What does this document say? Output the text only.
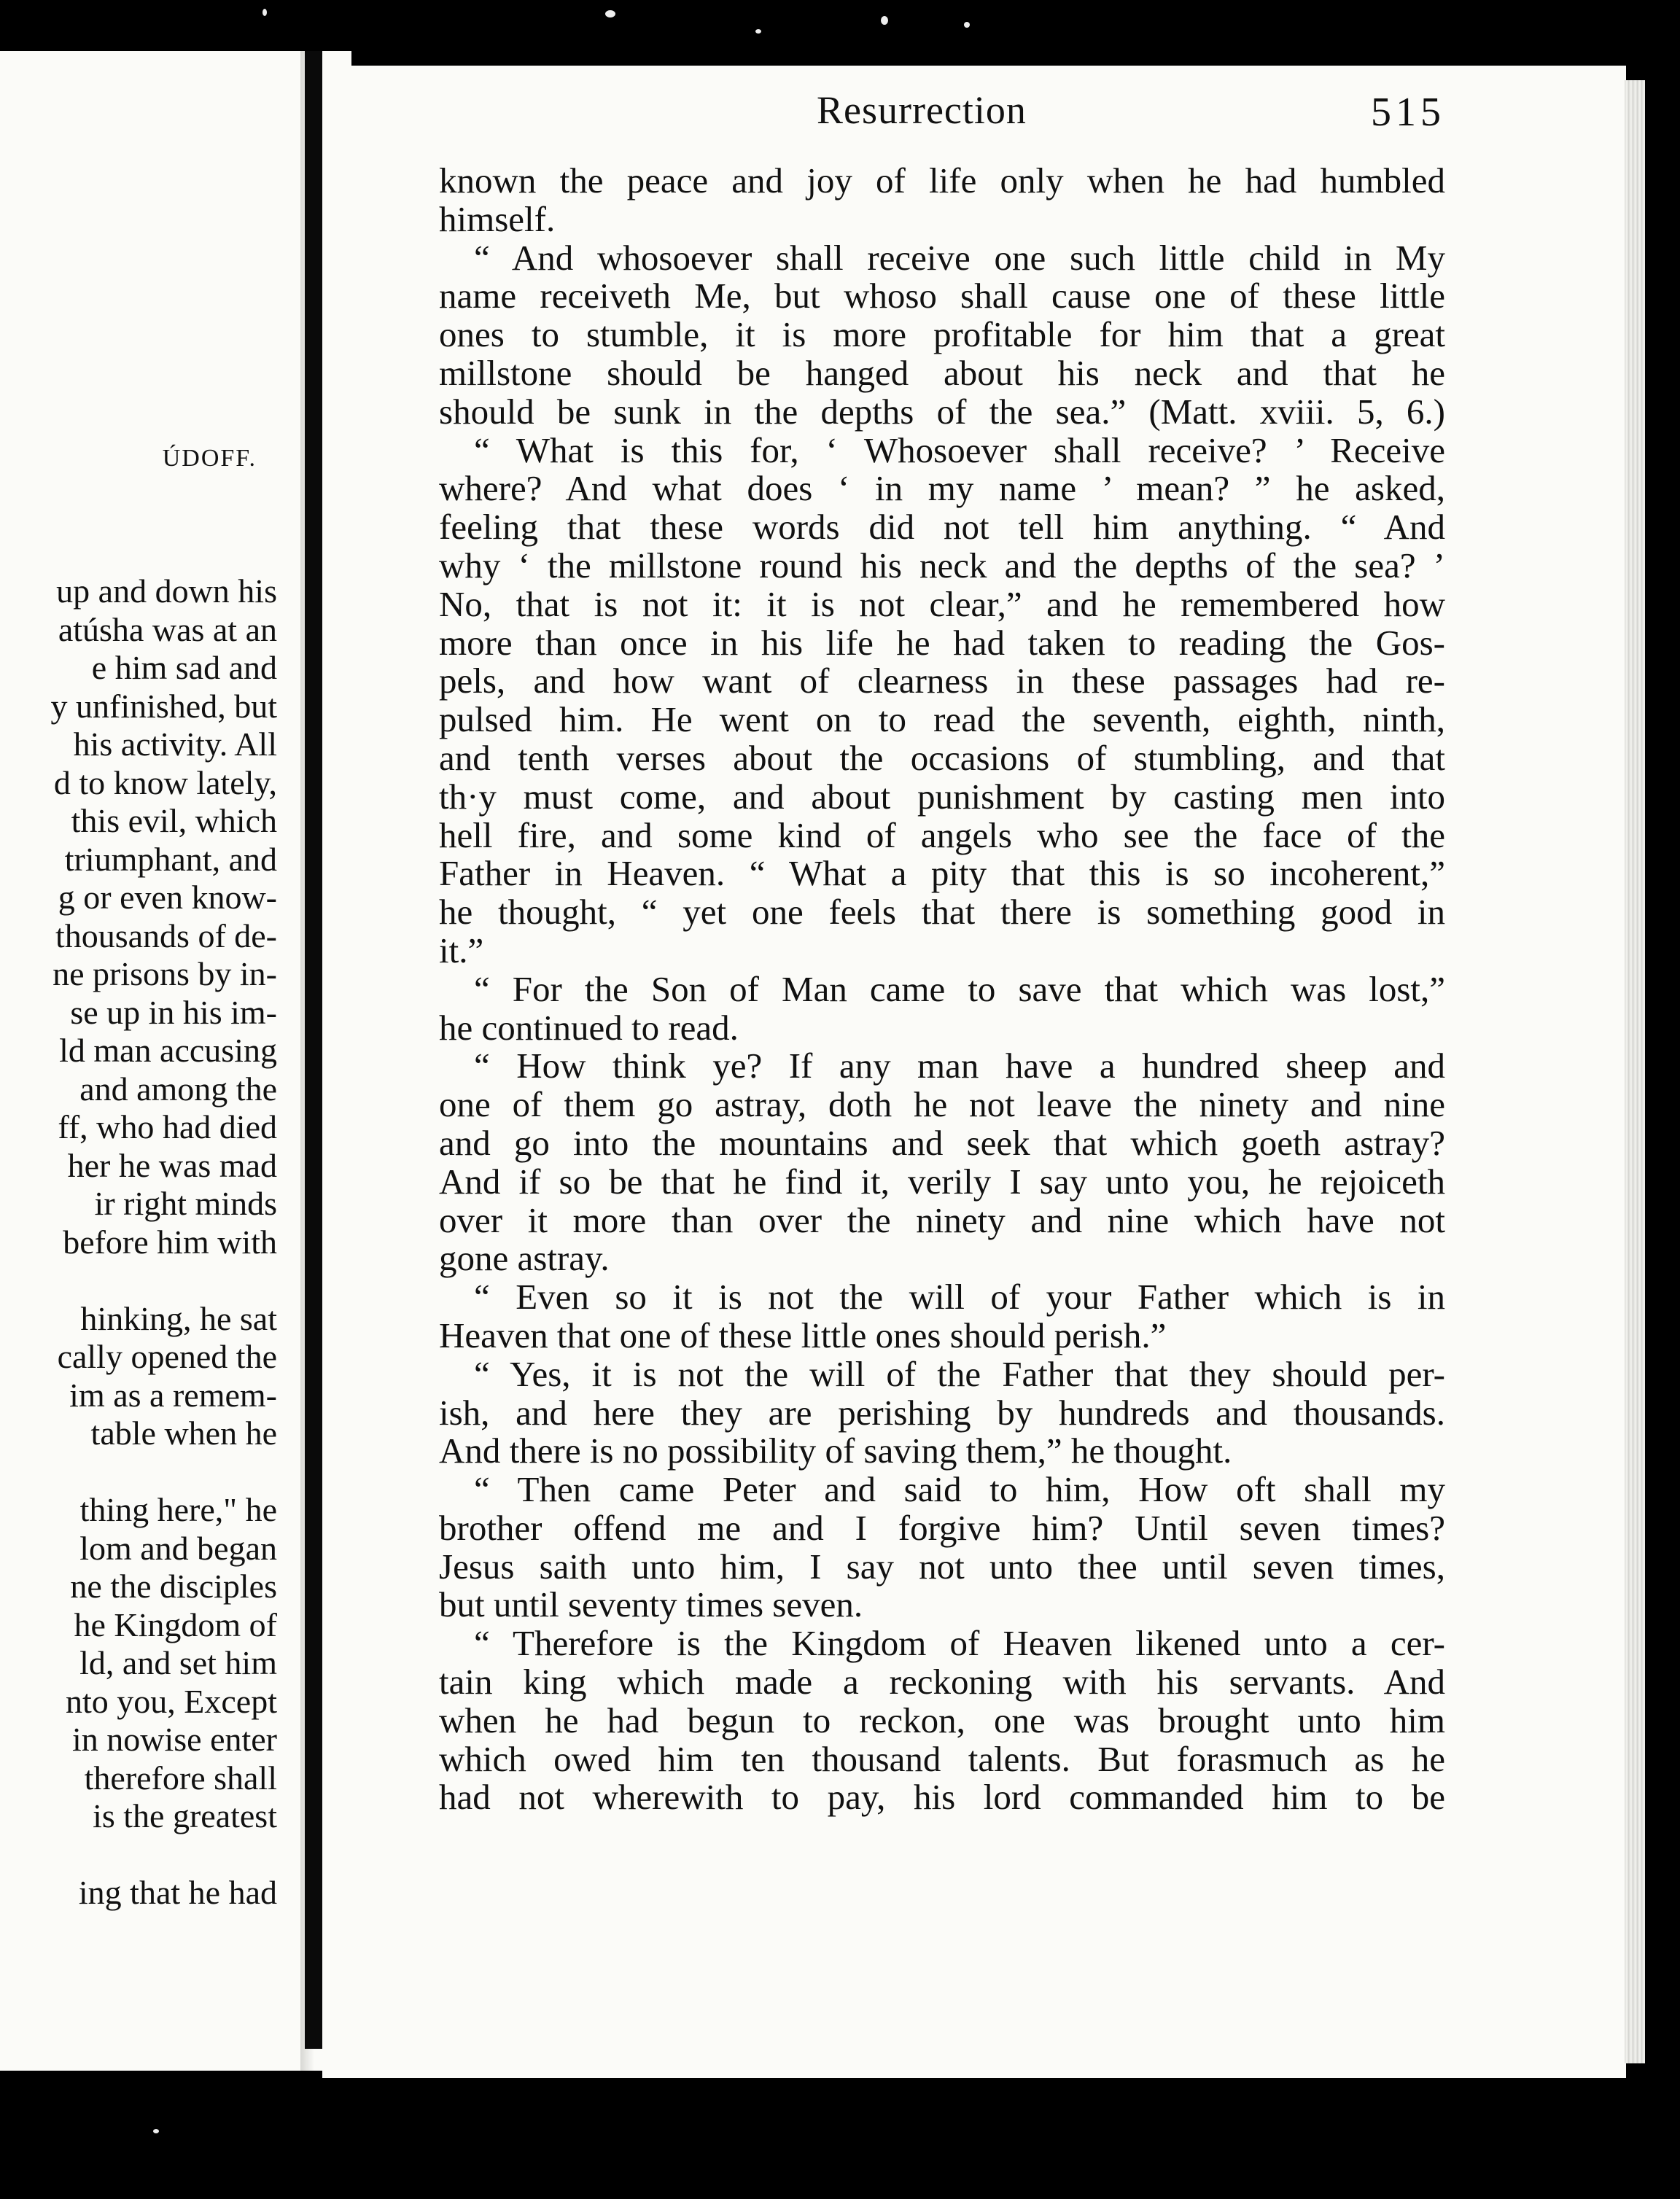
ÚDOFF.
up and down his
atúsha was at an
e him sad and
y unfinished, but
his activity. All
d to know lately,
this evil, which
triumphant, and
g or even know-
thousands of de-
ne prisons by in-
se up in his im-
ld man accusing
and among the
ff, who had died
her he was mad
ir right minds
before him with
hinking, he sat
cally opened the
im as a remem-
table when he
thing here," he
lom and began
ne the disciples
he Kingdom of
ld, and set him
nto you, Except
in nowise enter
therefore shall
is the greatest
ing that he had
Resurrection	515
known the peace and joy of life only when he had humbled
himself.
“ And whosoever shall receive one such little child in My
name receiveth Me, but whoso shall cause one of these little
ones to stumble, it is more profitable for him that a great
millstone should be hanged about his neck and that he
should be sunk in the depths of the sea.” (Matt. xviii. 5, 6.)
“ What is this for, ‘ Whosoever shall receive? ’ Receive
where? And what does ‘ in my name ’ mean? ” he asked,
feeling that these words did not tell him anything. “ And
why ‘ the millstone round his neck and the depths of the sea? ’
No, that is not it: it is not clear,” and he remembered how
more than once in his life he had taken to reading the Gos-
pels, and how want of clearness in these passages had re-
pulsed him. He went on to read the seventh, eighth, ninth,
and tenth verses about the occasions of stumbling, and that
th·y must come, and about punishment by casting men into
hell fire, and some kind of angels who see the face of the
Father in Heaven. “ What a pity that this is so incoherent,”
he thought, “ yet one feels that there is something good in
it.”
“ For the Son of Man came to save that which was lost,”
he continued to read.
“ How think ye? If any man have a hundred sheep and
one of them go astray, doth he not leave the ninety and nine
and go into the mountains and seek that which goeth astray?
And if so be that he find it, verily I say unto you, he rejoiceth
over it more than over the ninety and nine which have not
gone astray.
“ Even so it is not the will of your Father which is in
Heaven that one of these little ones should perish.”
“ Yes, it is not the will of the Father that they should per-
ish, and here they are perishing by hundreds and thousands.
And there is no possibility of saving them,” he thought.
“ Then came Peter and said to him, How oft shall my
brother offend me and I forgive him? Until seven times?
Jesus saith unto him, I say not unto thee until seven times,
but until seventy times seven.
“ Therefore is the Kingdom of Heaven likened unto a cer-
tain king which made a reckoning with his servants. And
when he had begun to reckon, one was brought unto him
which owed him ten thousand talents. But forasmuch as he
had not wherewith to pay, his lord commanded him to be
